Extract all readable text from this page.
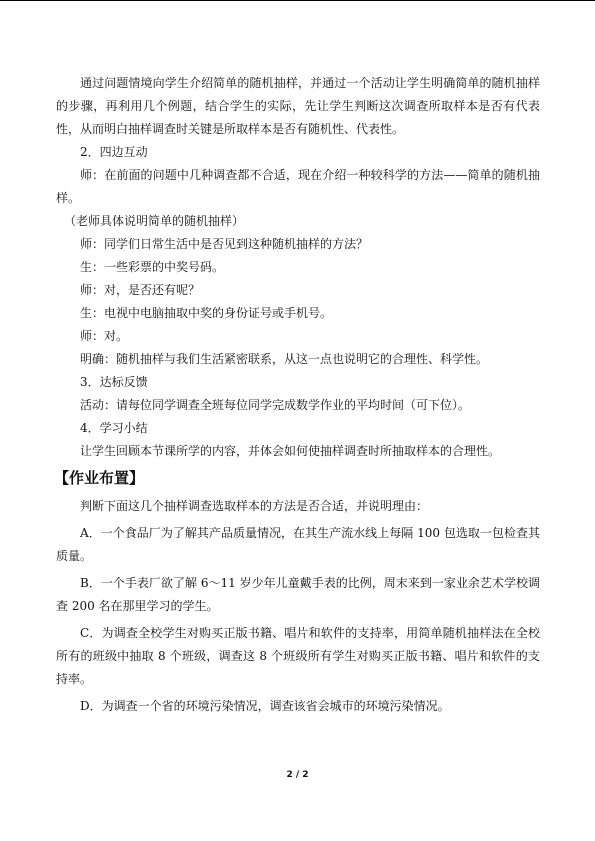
通过问题情境向学生介绍简单的随机抽样，并通过一个活动让学生明确简单的随机抽样的步骤，再利用几个例题，结合学生的实际，先让学生判断这次调查所取样本是否有代表性，从而明白抽样调查时关键是所取样本是否有随机性、代表性。

2．四边互动

师：在前面的问题中几种调查都不合适，现在介绍一种较科学的方法——简单的随机抽样。

（老师具体说明简单的随机抽样）

师：同学们日常生活中是否见到这种随机抽样的方法？

生：一些彩票的中奖号码。

师：对，是否还有呢？

生：电视中电脑抽取中奖的身份证号或手机号。

师：对。

明确：随机抽样与我们生活紧密联系，从这一点也说明它的合理性、科学性。

3．达标反馈

活动：请每位同学调查全班每位同学完成数学作业的平均时间（可下位）。

4．学习小结

让学生回顾本节课所学的内容，并体会如何使抽样调查时所抽取样本的合理性。

【作业布置】

判断下面这几个抽样调查选取样本的方法是否合适，并说明理由：

A．一个食品厂为了解其产品质量情况，在其生产流水线上每隔 100 包选取一包检查其质量。

B．一个手表厂欲了解 6～11 岁少年儿童戴手表的比例，周末来到一家业余艺术学校调查 200 名在那里学习的学生。

C．为调查全校学生对购买正版书籍、唱片和软件的支持率，用简单随机抽样法在全校所有的班级中抽取 8 个班级，调查这 8 个班级所有学生对购买正版书籍、唱片和软件的支持率。

D．为调查一个省的环境污染情况，调查该省会城市的环境污染情况。

2 / 2
